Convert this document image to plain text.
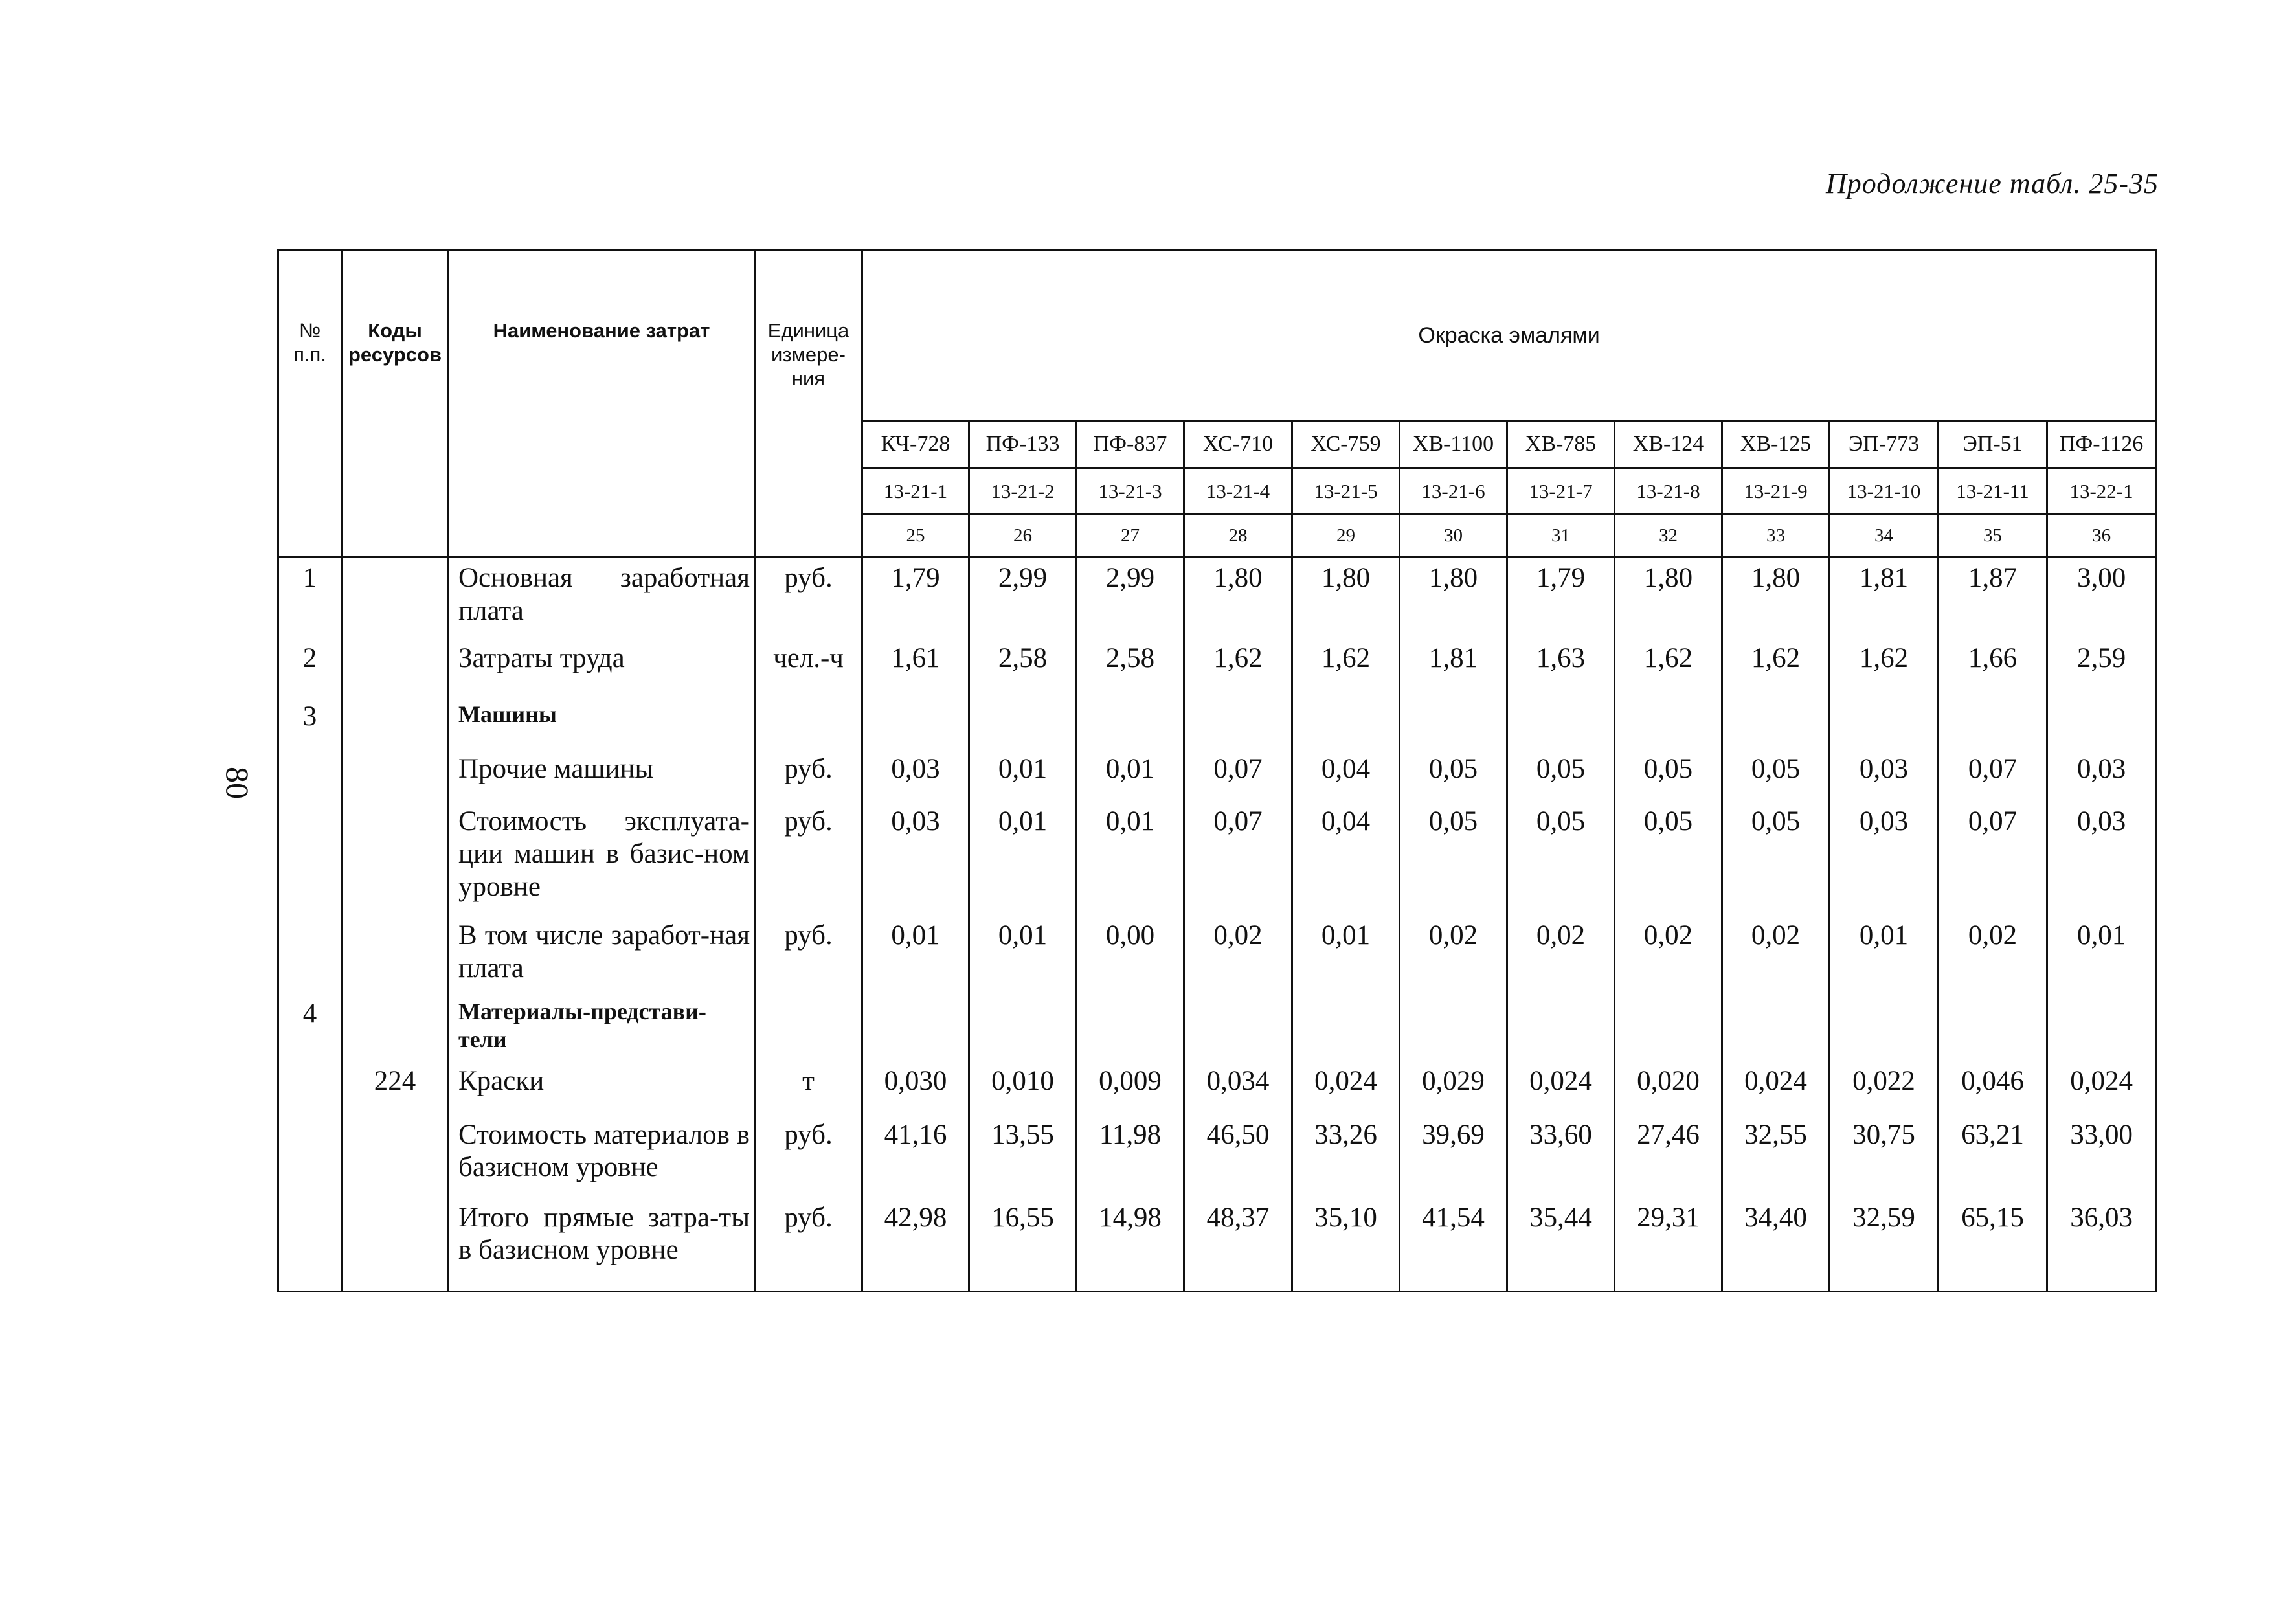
Продолжение табл. 25-35
80
№ п.п.	Коды ресурсов	Наименование затрат	Единица измере-ния	Окраска эмалями											
				КЧ-728	ПФ-133	ПФ-837	ХС-710	ХС-759	ХВ-1100	ХВ-785	ХВ-124	ХВ-125	ЭП-773	ЭП-51	ПФ-1126
				13-21-1	13-21-2	13-21-3	13-21-4	13-21-5	13-21-6	13-21-7	13-21-8	13-21-9	13-21-10	13-21-11	13-22-1
				25	26	27	28	29	30	31	32	33	34	35	36
1		Основная заработная плата	руб.	1,79	2,99	2,99	1,80	1,80	1,80	1,79	1,80	1,80	1,81	1,87	3,00
2		Затраты труда	чел.-ч	1,61	2,58	2,58	1,62	1,62	1,81	1,63	1,62	1,62	1,62	1,66	2,59
3		Машины													
		Прочие машины	руб.	0,03	0,01	0,01	0,07	0,04	0,05	0,05	0,05	0,05	0,03	0,07	0,03
		Стоимость эксплуата-ции машин в базис-ном уровне	руб.	0,03	0,01	0,01	0,07	0,04	0,05	0,05	0,05	0,05	0,03	0,07	0,03
		В том числе заработ-ная плата	руб.	0,01	0,01	0,00	0,02	0,01	0,02	0,02	0,02	0,02	0,01	0,02	0,01
4		Материалы-представи-тели													
	224	Краски	т	0,030	0,010	0,009	0,034	0,024	0,029	0,024	0,020	0,024	0,022	0,046	0,024
		Стоимость материалов в базисном уровне	руб.	41,16	13,55	11,98	46,50	33,26	39,69	33,60	27,46	32,55	30,75	63,21	33,00
		Итого прямые затра-ты в базисном уровне	руб.	42,98	16,55	14,98	48,37	35,10	41,54	35,44	29,31	34,40	32,59	65,15	36,03
